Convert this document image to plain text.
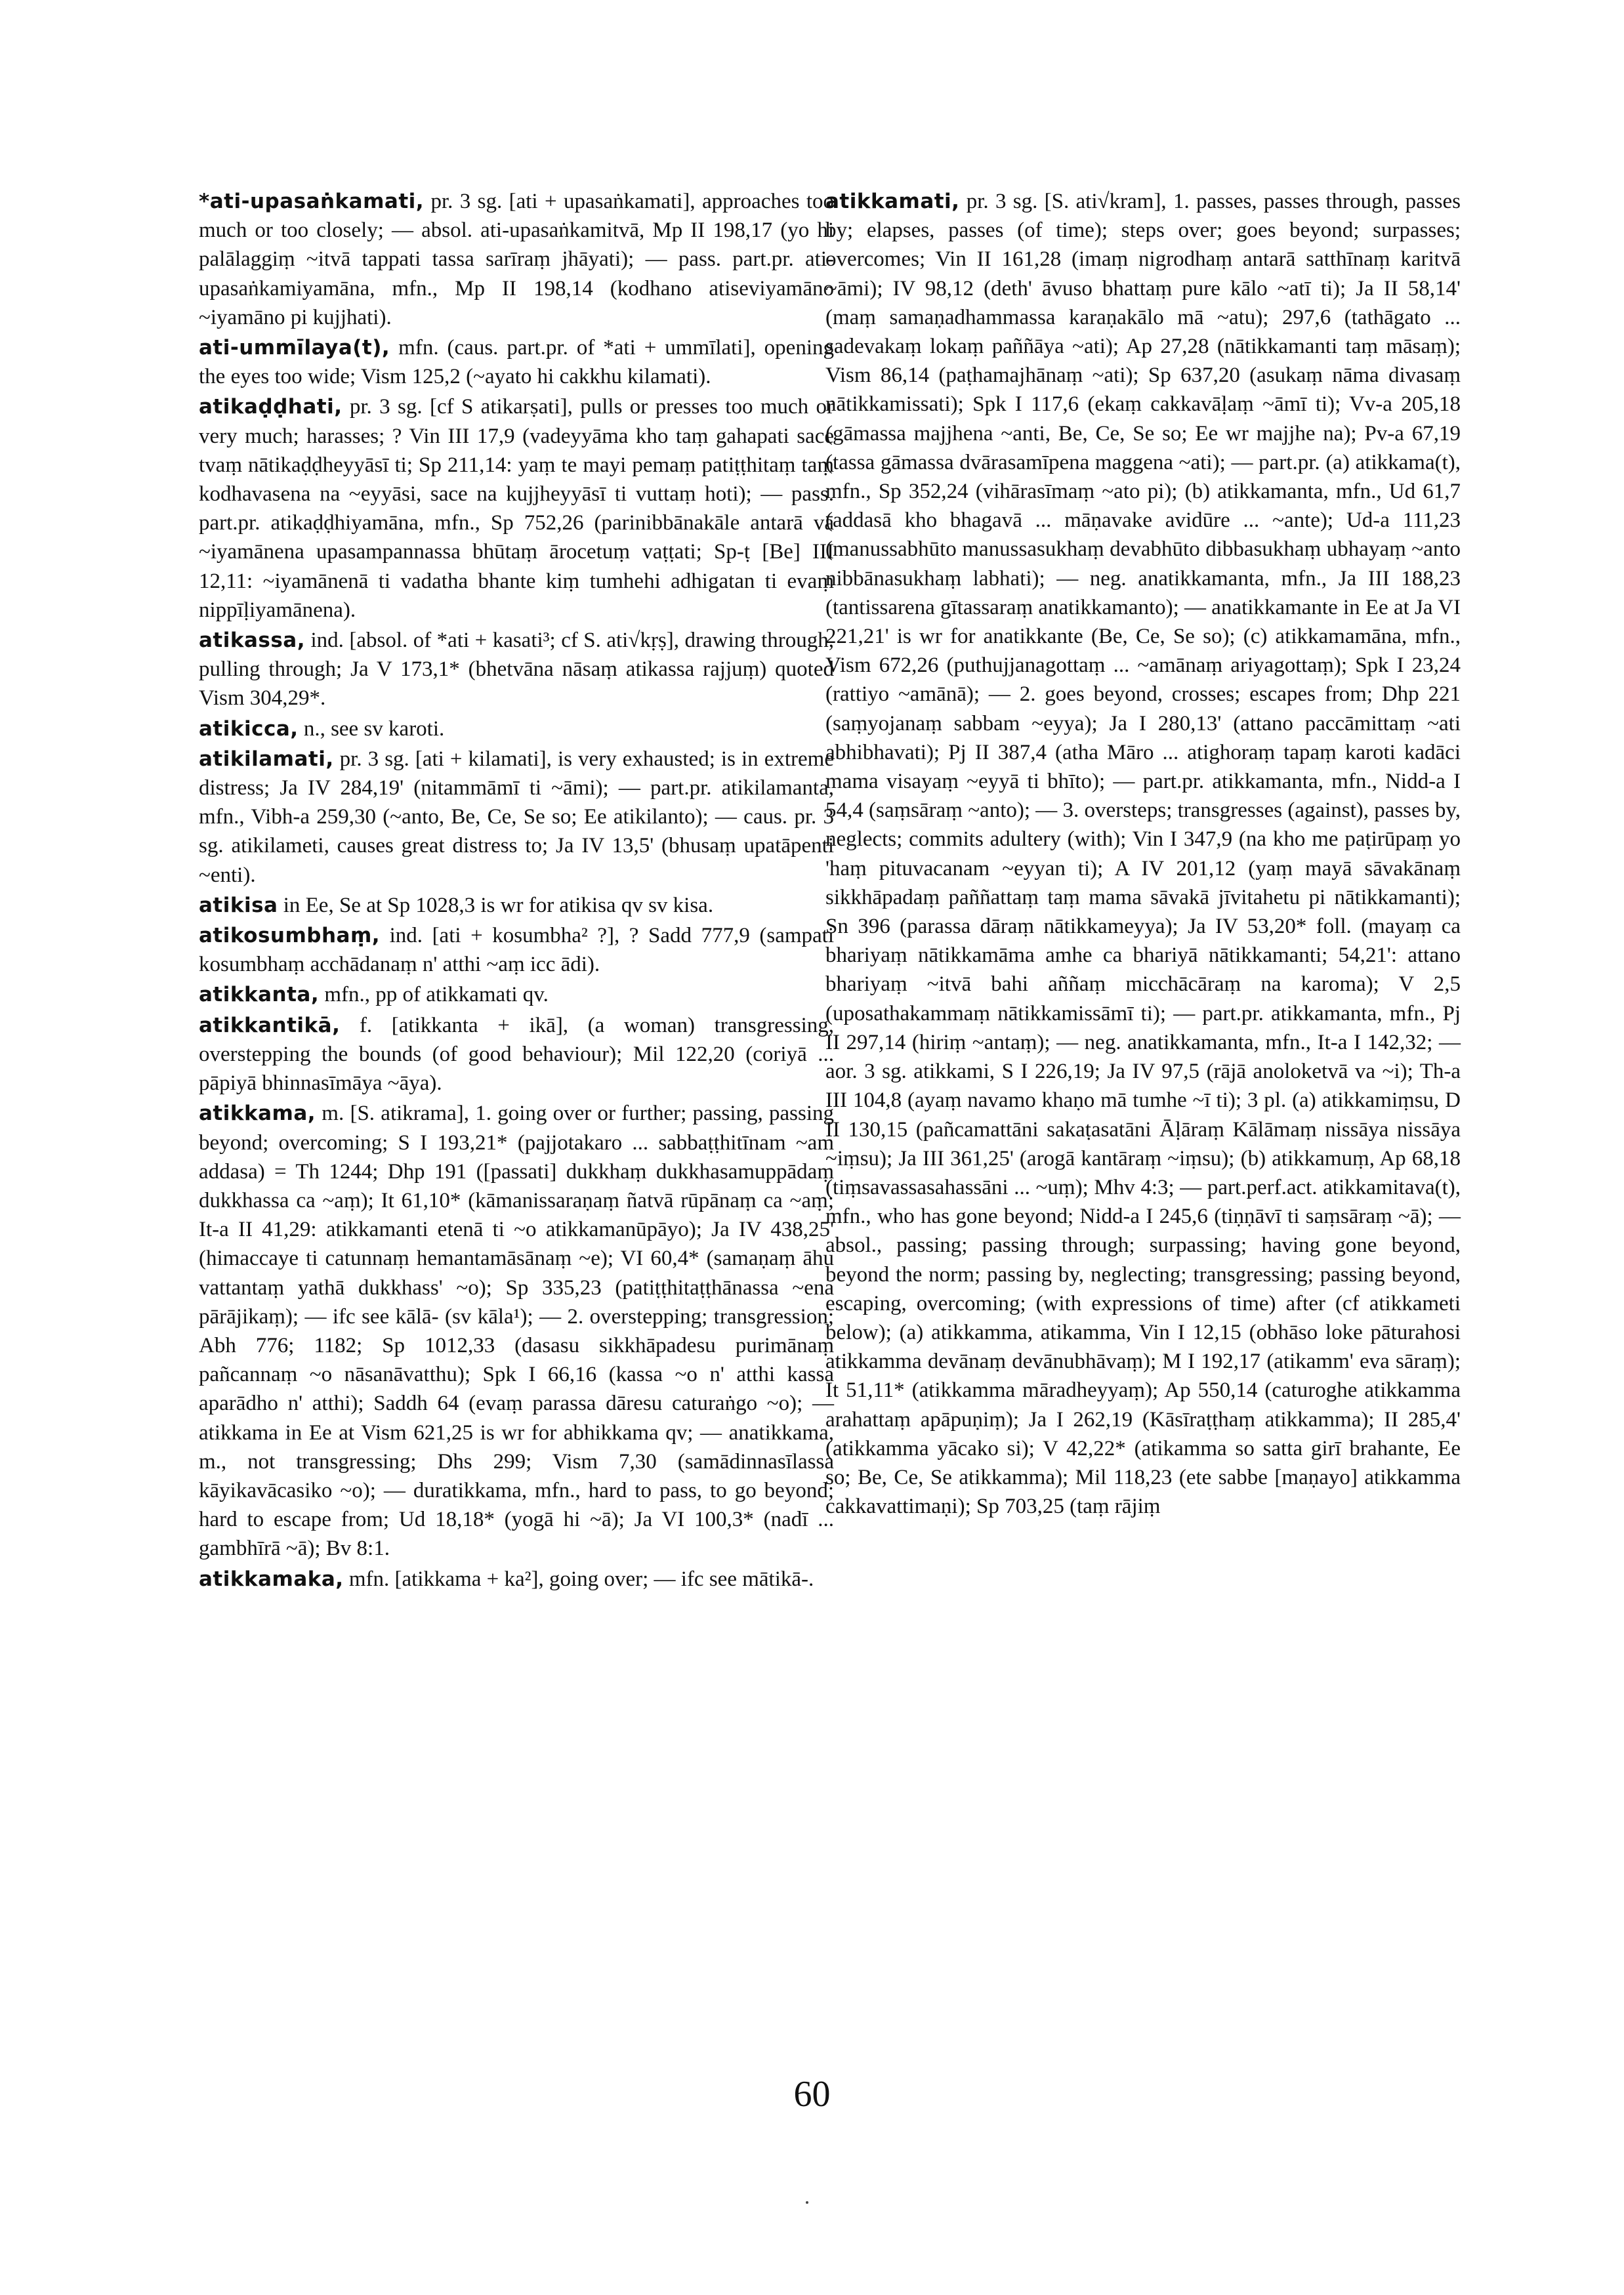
*ati-upasaṅkamati, pr. 3 sg. [ati + upasaṅkamati], approaches too much or too closely; — absol. ati-upasaṅkamitvā, Mp II 198,17 (yo hi palālaggiṃ ~itvā tappati tassa sarīraṃ jhāyati); — pass. part.pr. ati-upasaṅkamiyamāna, mfn., Mp II 198,14 (kodhano atiseviyamāno ~iyamāno pi kujjhati).

ati-ummīlaya(t), mfn. (caus. part.pr. of *ati + ummīlati], opening the eyes too wide; Vism 125,2 (~ayato hi cakkhu kilamati).

atikaḍḍhati, pr. 3 sg. [cf S atikarṣati], pulls or presses too much or very much; harasses; ? Vin III 17,9 (vadeyyāma kho taṃ gahapati sace tvaṃ nātikaḍḍheyyāsī ti; Sp 211,14: yaṃ te mayi pemaṃ patiṭṭhitaṃ taṃ kodhavasena na ~eyyāsi, sace na kujjheyyāsī ti vuttaṃ hoti); — pass. part.pr. atikaḍḍhiyamāna, mfn., Sp 752,26 (parinibbānakāle antarā vā ~iyamānena upasampannassa bhūtaṃ ārocetuṃ vaṭṭati; Sp-ṭ [Be] III 12,11: ~iyamānenā ti vadatha bhante kiṃ tumhehi adhigatan ti evaṃ nippīḷiyamānena).

atikassa, ind. [absol. of *ati + kasati³; cf S. ati√kṛṣ], drawing through, pulling through; Ja V 173,1* (bhetvāna nāsaṃ atikassa rajjuṃ) quoted Vism 304,29*.

atikicca, n., see sv karoti.

atikilamati, pr. 3 sg. [ati + kilamati], is very exhausted; is in extreme distress; Ja IV 284,19' (nitammāmī ti ~āmi); — part.pr. atikilamanta, mfn., Vibh-a 259,30 (~anto, Be, Ce, Se so; Ee atikilanto); — caus. pr. 3 sg. atikilameti, causes great distress to; Ja IV 13,5' (bhusaṃ upatāpenti ~enti).

atikisa in Ee, Se at Sp 1028,3 is wr for atikisa qv sv kisa.

atikosumbhaṃ, ind. [ati + kosumbha² ?], ? Sadd 777,9 (sampati kosumbhaṃ acchādanaṃ n' atthi ~aṃ icc ādi).

atikkanta, mfn., pp of atikkamati qv.

atikkantikā, f. [atikkanta + ikā], (a woman) transgressing, overstepping the bounds (of good behaviour); Mil 122,20 (coriyā ... pāpiyā bhinnasīmāya ~āya).

atikkama, m. [S. atikrama], 1. going over or further; passing, passing beyond; overcoming; S I 193,21* (pajjotakaro ... sabbaṭṭhitīnam ~am addasa) = Th 1244; Dhp 191 ([passati] dukkhaṃ dukkhasamuppādaṃ dukkhassa ca ~aṃ); It 61,10* (kāmanissaraṇaṃ ñatvā rūpānaṃ ca ~aṃ; It-a II 41,29: atikkamanti etenā ti ~o atikkamanūpāyo); Ja IV 438,25' (himaccaye ti catunnaṃ hemantamāsānaṃ ~e); VI 60,4* (samaṇaṃ āhu vattantaṃ yathā dukkhass' ~o); Sp 335,23 (patiṭṭhitaṭṭhānassa ~ena pārājikaṃ); — ifc see kālā- (sv kāla¹); — 2. overstepping; transgression; Abh 776; 1182; Sp 1012,33 (dasasu sikkhāpadesu purimānaṃ pañcannaṃ ~o nāsanāvatthu); Spk I 66,16 (kassa ~o n' atthi kassa aparādho n' atthi); Saddh 64 (evaṃ parassa dāresu caturaṅgo ~o); — atikkama in Ee at Vism 621,25 is wr for abhikkama qv; — anatikkama, m., not transgressing; Dhs 299; Vism 7,30 (samādinnasīlassa kāyikavācasiko ~o); — duratikkama, mfn., hard to pass, to go beyond; hard to escape from; Ud 18,18* (yogā hi ~ā); Ja VI 100,3* (nadī ... gambhīrā ~ā); Bv 8:1.

atikkamaka, mfn. [atikkama + ka²], going over; — ifc see mātikā-.

atikkamati, pr. 3 sg. [S. ati√kram], 1. passes, passes through, passes by; elapses, passes (of time); steps over; goes beyond; surpasses; overcomes; Vin II 161,28 (imaṃ nigrodhaṃ antarā satthīnaṃ karitvā ~āmi); IV 98,12 (deth' āvuso bhattaṃ pure kālo ~atī ti); Ja II 58,14' (maṃ samaṇadhammassa karaṇakālo mā ~atu); 297,6 (tathāgato ... sadevakaṃ lokaṃ paññāya ~ati); Ap 27,28 (nātikkamanti taṃ māsaṃ); Vism 86,14 (paṭhamajhānaṃ ~ati); Sp 637,20 (asukaṃ nāma divasaṃ nātikkamissati); Spk I 117,6 (ekaṃ cakkavāḷaṃ ~āmī ti); Vv-a 205,18 (gāmassa majjhena ~anti, Be, Ce, Se so; Ee wr majjhe na); Pv-a 67,19 (tassa gāmassa dvārasamīpena maggena ~ati); — part.pr. (a) atikkama(t), mfn., Sp 352,24 (vihārasīmaṃ ~ato pi); (b) atikkamanta, mfn., Ud 61,7 (addasā kho bhagavā ... māṇavake avidūre ... ~ante); Ud-a 111,23 (manussabhūto manussasukhaṃ devabhūto dibbasukhaṃ ubhayaṃ ~anto nibbānasukhaṃ labhati); — neg. anatikkamanta, mfn., Ja III 188,23 (tantissarena gītassaraṃ anatikkamanto); — anatikkamante in Ee at Ja VI 221,21' is wr for anatikkante (Be, Ce, Se so); (c) atikkamamāna, mfn., Vism 672,26 (puthujjanagottaṃ ... ~amānaṃ ariyagottaṃ); Spk I 23,24 (rattiyo ~amānā); — 2. goes beyond, crosses; escapes from; Dhp 221 (saṃyojanaṃ sabbam ~eyya); Ja I 280,13' (attano paccāmittaṃ ~ati abhibhavati); Pj II 387,4 (atha Māro ... atighoraṃ tapaṃ karoti kadāci mama visayaṃ ~eyyā ti bhīto); — part.pr. atikkamanta, mfn., Nidd-a I 54,4 (saṃsāraṃ ~anto); — 3. oversteps; transgresses (against), passes by, neglects; commits adultery (with); Vin I 347,9 (na kho me paṭirūpaṃ yo 'haṃ pituvacanam ~eyyan ti); A IV 201,12 (yaṃ mayā sāvakānaṃ sikkhāpadaṃ paññattaṃ taṃ mama sāvakā jīvitahetu pi nātikkamanti); Sn 396 (parassa dāraṃ nātikkameyya); Ja IV 53,20* foll. (mayaṃ ca bhariyaṃ nātikkamāma amhe ca bhariyā nātikkamanti; 54,21': attano bhariyaṃ ~itvā bahi aññaṃ micchācāraṃ na karoma); V 2,5 (uposathakammaṃ nātikkamissāmī ti); — part.pr. atikkamanta, mfn., Pj II 297,14 (hiriṃ ~antaṃ); — neg. anatikkamanta, mfn., It-a I 142,32; — aor. 3 sg. atikkami, S I 226,19; Ja IV 97,5 (rājā anoloketvā va ~i); Th-a III 104,8 (ayaṃ navamo khaṇo mā tumhe ~ī ti); 3 pl. (a) atikkamiṃsu, D II 130,15 (pañcamattāni sakaṭasatāni Āḷāraṃ Kālāmaṃ nissāya nissāya ~iṃsu); Ja III 361,25' (arogā kantāraṃ ~iṃsu); (b) atikkamuṃ, Ap 68,18 (tiṃsavassasahassāni ... ~uṃ); Mhv 4:3; — part.perf.act. atikkamitava(t), mfn., who has gone beyond; Nidd-a I 245,6 (tiṇṇāvī ti saṃsāraṃ ~ā); — absol., passing; passing through; surpassing; having gone beyond, beyond the norm; passing by, neglecting; transgressing; passing beyond, escaping, overcoming; (with expressions of time) after (cf atikkameti below); (a) atikkamma, atikamma, Vin I 12,15 (obhāso loke pāturahosi atikkamma devānaṃ devānubhāvaṃ); M I 192,17 (atikamm' eva sāraṃ); It 51,11* (atikkamma māradheyyaṃ); Ap 550,14 (caturoghe atikkamma arahattaṃ apāpuṇiṃ); Ja I 262,19 (Kāsīraṭṭhaṃ atikkamma); II 285,4' (atikkamma yācako si); V 42,22* (atikamma so satta girī brahante, Ee so; Be, Ce, Se atikkamma); Mil 118,23 (ete sabbe [maṇayo] atikkamma cakkavattimaṇi); Sp 703,25 (taṃ rājiṃ

60
